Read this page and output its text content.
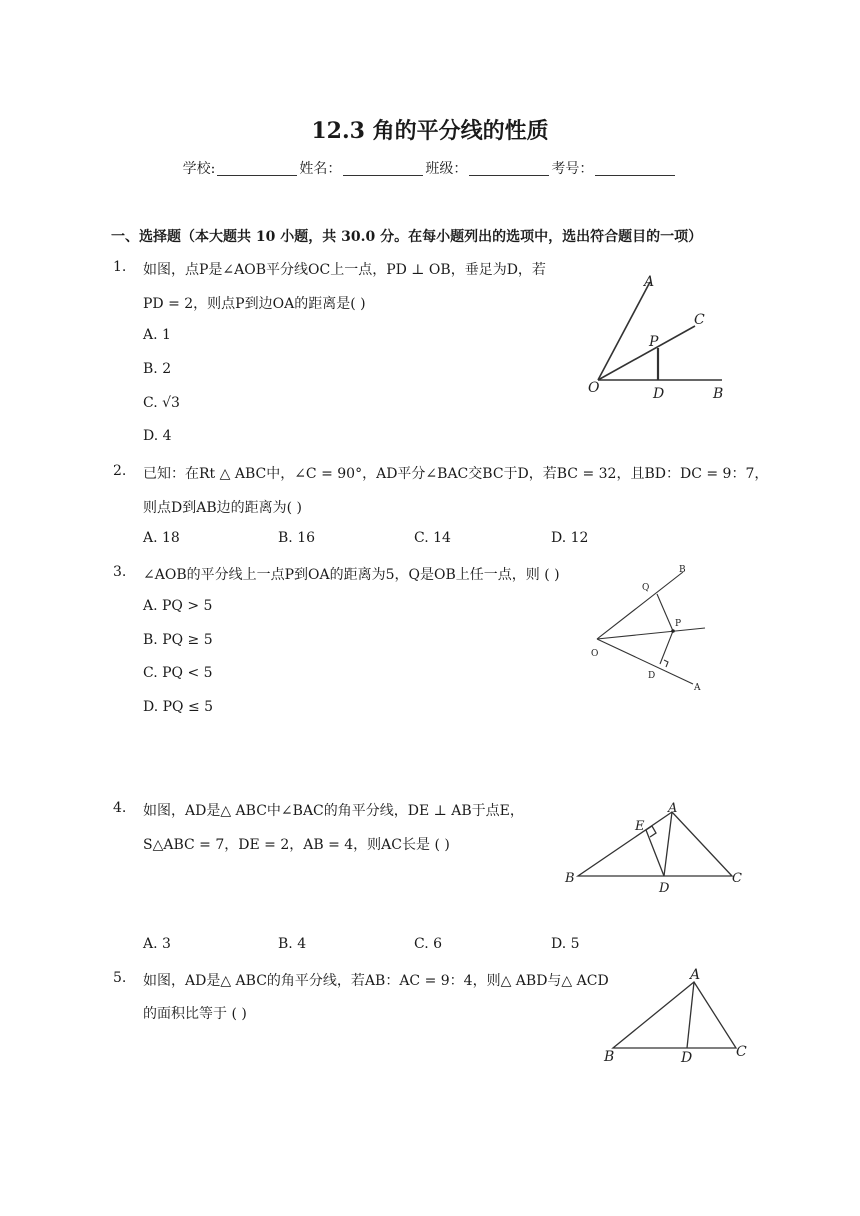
12.3 角的平分线的性质
学校:	姓名：	班级：	考号：
一、选择题（本大题共 10 小题，共 30.0 分。在每小题列出的选项中，选出符合题目的一项）
1. 如图，点P是∠AOB平分线OC上一点，PD ⊥ OB，垂足为D，若
PD = 2，则点P到边OA的距离是( )
A. 1
B. 2
C. √3
D. 4
A
C
P
O	D	B
2. 已知：在Rt △ ABC中，∠C = 90°，AD平分∠BAC交BC于D，若BC = 32，且BD：DC = 9：7，
则点D到AB边的距离为( )
A. 18	B. 16	C. 14	D. 12
3. ∠AOB的平分线上一点P到OA的距离为5，Q是OB上任一点，则 ( )
A. PQ > 5
B. PQ ≥ 5
C. PQ < 5
D. PQ ≤ 5
Q
B
P
O
D
A
4. 如图，AD是△ ABC中∠BAC的角平分线，DE ⊥ AB于点E，
S△ABC = 7，DE = 2，AB = 4，则AC长是 ( )
A. 3	B. 4	C. 6	D. 5
A
E
B
D
C
5. 如图，AD是△ ABC的角平分线，若AB：AC = 9：4，则△ ABD与△ ACD
的面积比等于 ( )
A
B	D	C
